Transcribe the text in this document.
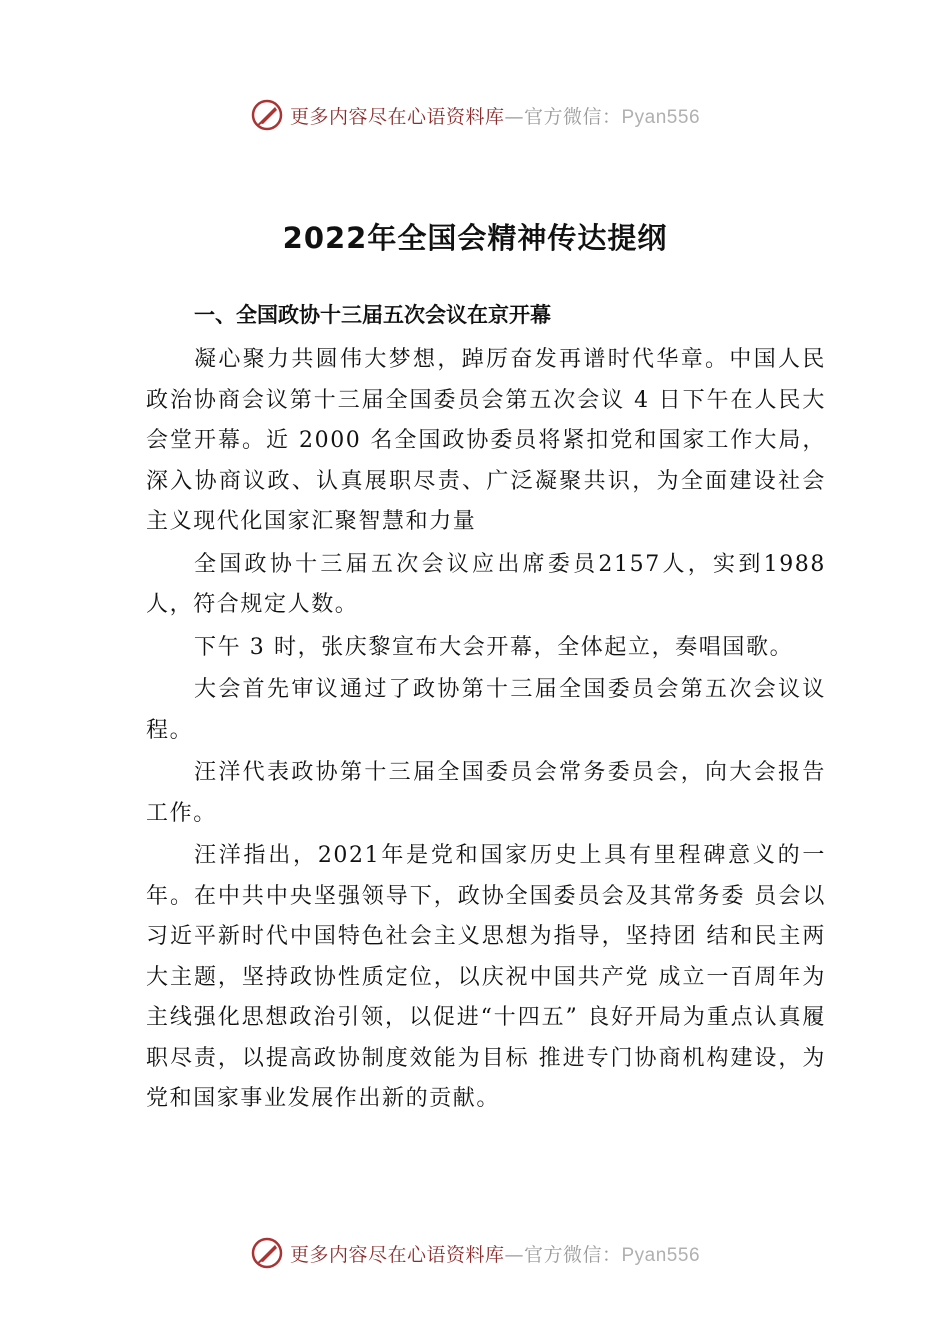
更多内容尽在心语资料库—官方微信：Pyan556
2022年全国会精神传达提纲
一、全国政协十三届五次会议在京开幕

凝心聚力共圆伟大梦想，踔厉奋发再谱时代华章。中国人民政治协商会议第十三届全国委员会第五次会议 4 日下午在人民大会堂开幕。近 2000 名全国政协委员将紧扣党和国家工作大局，深入协商议政、认真展职尽责、广泛凝聚共识，为全面建设社会主义现代化国家汇聚智慧和力量

全国政协十三届五次会议应出席委员2157人，实到1988人，符合规定人数。

下午 3 时，张庆黎宣布大会开幕，全体起立，奏唱国歌。

大会首先审议通过了政协第十三届全国委员会第五次会议议程。

汪洋代表政协第十三届全国委员会常务委员会，向大会报告工作。

汪洋指出，2021年是党和国家历史上具有里程碑意义的一年。在中共中央坚强领导下，政协全国委员会及其常务委 员会以习近平新时代中国特色社会主义思想为指导，坚持团 结和民主两大主题，坚持政协性质定位，以庆祝中国共产党 成立一百周年为主线强化思想政治引领，以促进“十四五” 良好开局为重点认真履职尽责，以提高政协制度效能为目标 推进专门协商机构建设，为党和国家事业发展作出新的贡献。

更多内容尽在心语资料库—官方微信：Pyan556
